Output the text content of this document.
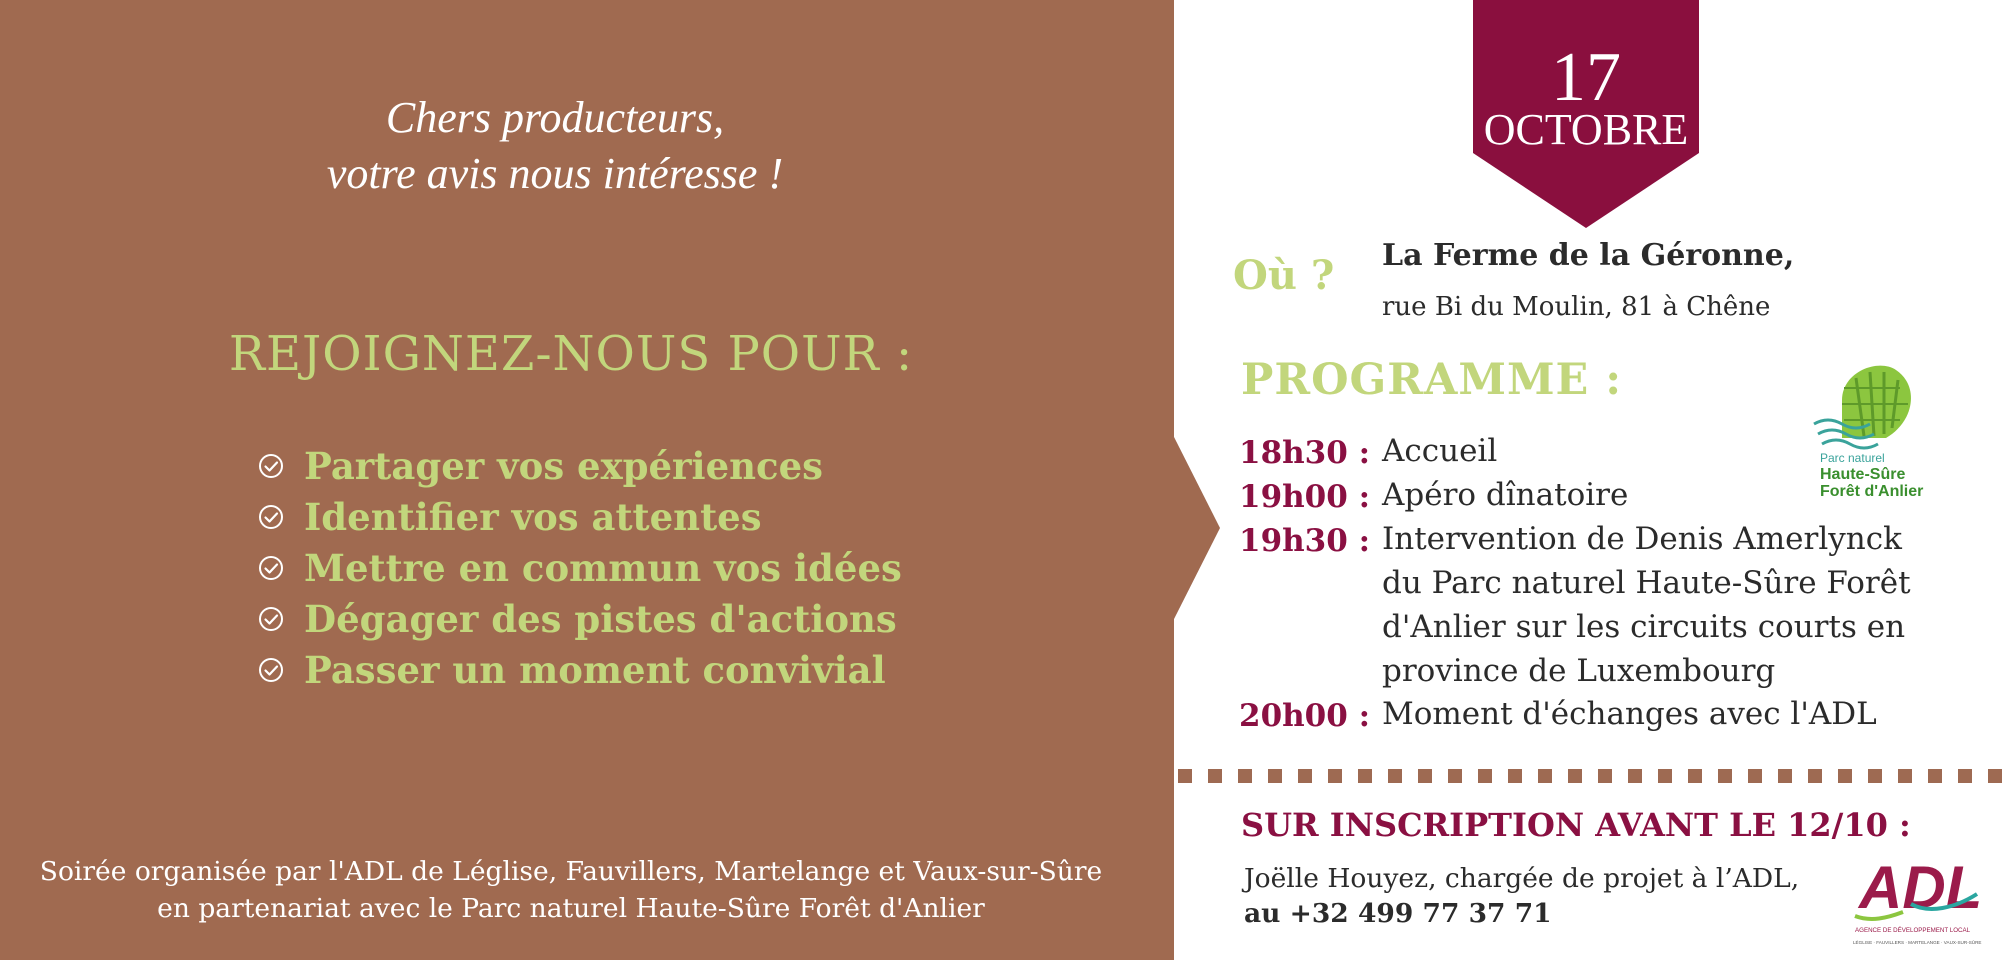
Chers producteurs,
votre avis nous intéresse !
REJOIGNEZ-NOUS POUR :
Partager vos expériences
Identifier vos attentes
Mettre en commun vos idées
Dégager des pistes d'actions
Passer un moment convivial
Soirée organisée par l'ADL de Léglise, Fauvillers, Martelange et Vaux-sur-Sûre
en partenariat avec le Parc naturel Haute-Sûre Forêt d'Anlier
17
OCTOBRE
Où ? La Ferme de la Géronne,
rue Bi du Moulin, 81 à Chêne
PROGRAMME :
18h30 : Accueil
19h00 : Apéro dînatoire
19h30 : Intervention de Denis Amerlynck
du Parc naturel Haute-Sûre Forêt
d'Anlier sur les circuits courts en
province de Luxembourg
20h00 : Moment d'échanges avec l'ADL
Parc naturel
Haute-Sûre
Forêt d'Anlier
SUR INSCRIPTION AVANT LE 12/10 :
Joëlle Houyez, chargée de projet à l’ADL,
au +32 499 77 37 71	ADL
AGENCE DE DÉVELOPPEMENT LOCAL
LÉGLISE · FAUVILLERS · MARTELANGE · VAUX-SUR-SÛRE
